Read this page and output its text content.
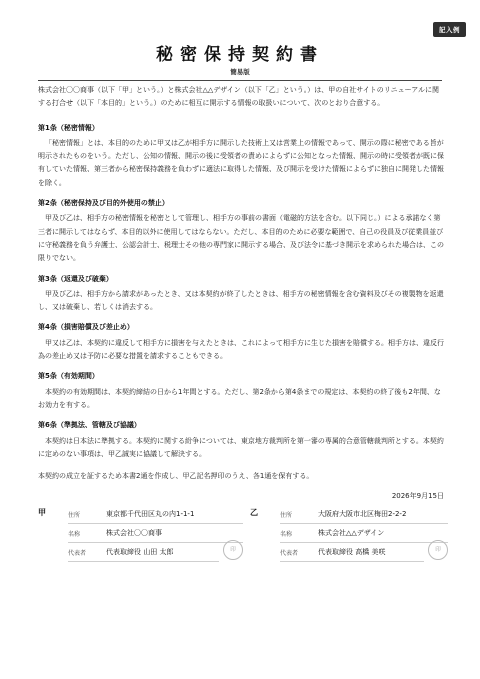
記入例
秘密保持契約書
簡易版

株式会社〇〇商事（以下「甲」という。）と株式会社△△デザイン（以下「乙」という。）は、甲の自社サイトのリニューアルに関する打合せ（以下「本目的」という。）のために相互に開示する情報の取扱いについて、次のとおり合意する。

第1条（秘密情報）

「秘密情報」とは、本目的のために甲又は乙が相手方に開示した技術上又は営業上の情報であって、開示の際に秘密である旨が明示されたものをいう。ただし、公知の情報、開示の後に受領者の責めによらずに公知となった情報、開示の時に受領者が既に保有していた情報、第三者から秘密保持義務を負わずに適法に取得した情報、及び開示を受けた情報によらずに独自に開発した情報を除く。

第2条（秘密保持及び目的外使用の禁止）

甲及び乙は、相手方の秘密情報を秘密として管理し、相手方の事前の書面（電磁的方法を含む。以下同じ。）による承諾なく第三者に開示してはならず、本目的以外に使用してはならない。ただし、本目的のために必要な範囲で、自己の役員及び従業員並びに守秘義務を負う弁護士、公認会計士、税理士その他の専門家に開示する場合、及び法令に基づき開示を求められた場合は、この限りでない。

第3条（返還及び破棄）

甲及び乙は、相手方から請求があったとき、又は本契約が終了したときは、相手方の秘密情報を含む資料及びその複製物を返還し、又は破棄し、若しくは消去する。

第4条（損害賠償及び差止め）

甲又は乙は、本契約に違反して相手方に損害を与えたときは、これによって相手方に生じた損害を賠償する。相手方は、違反行為の差止め又は予防に必要な措置を請求することもできる。

第5条（有効期間）

本契約の有効期間は、本契約締結の日から1年間とする。ただし、第2条から第4条までの規定は、本契約の終了後も2年間、なお効力を有する。

第6条（準拠法、管轄及び協議）

本契約は日本法に準拠する。本契約に関する紛争については、東京地方裁判所を第一審の専属的合意管轄裁判所とする。本契約に定めのない事項は、甲乙誠実に協議して解決する。

本契約の成立を証するため本書2通を作成し、甲乙記名押印のうえ、各1通を保有する。

2026年9月15日
甲	住所	東京都千代田区丸の内1-1-1
名称	株式会社〇〇商事
代表者	代表取締役 山田 太郎	印
乙	住所	大阪府大阪市北区梅田2-2-2
名称	株式会社△△デザイン
代表者	代表取締役 高橋 美咲	印
